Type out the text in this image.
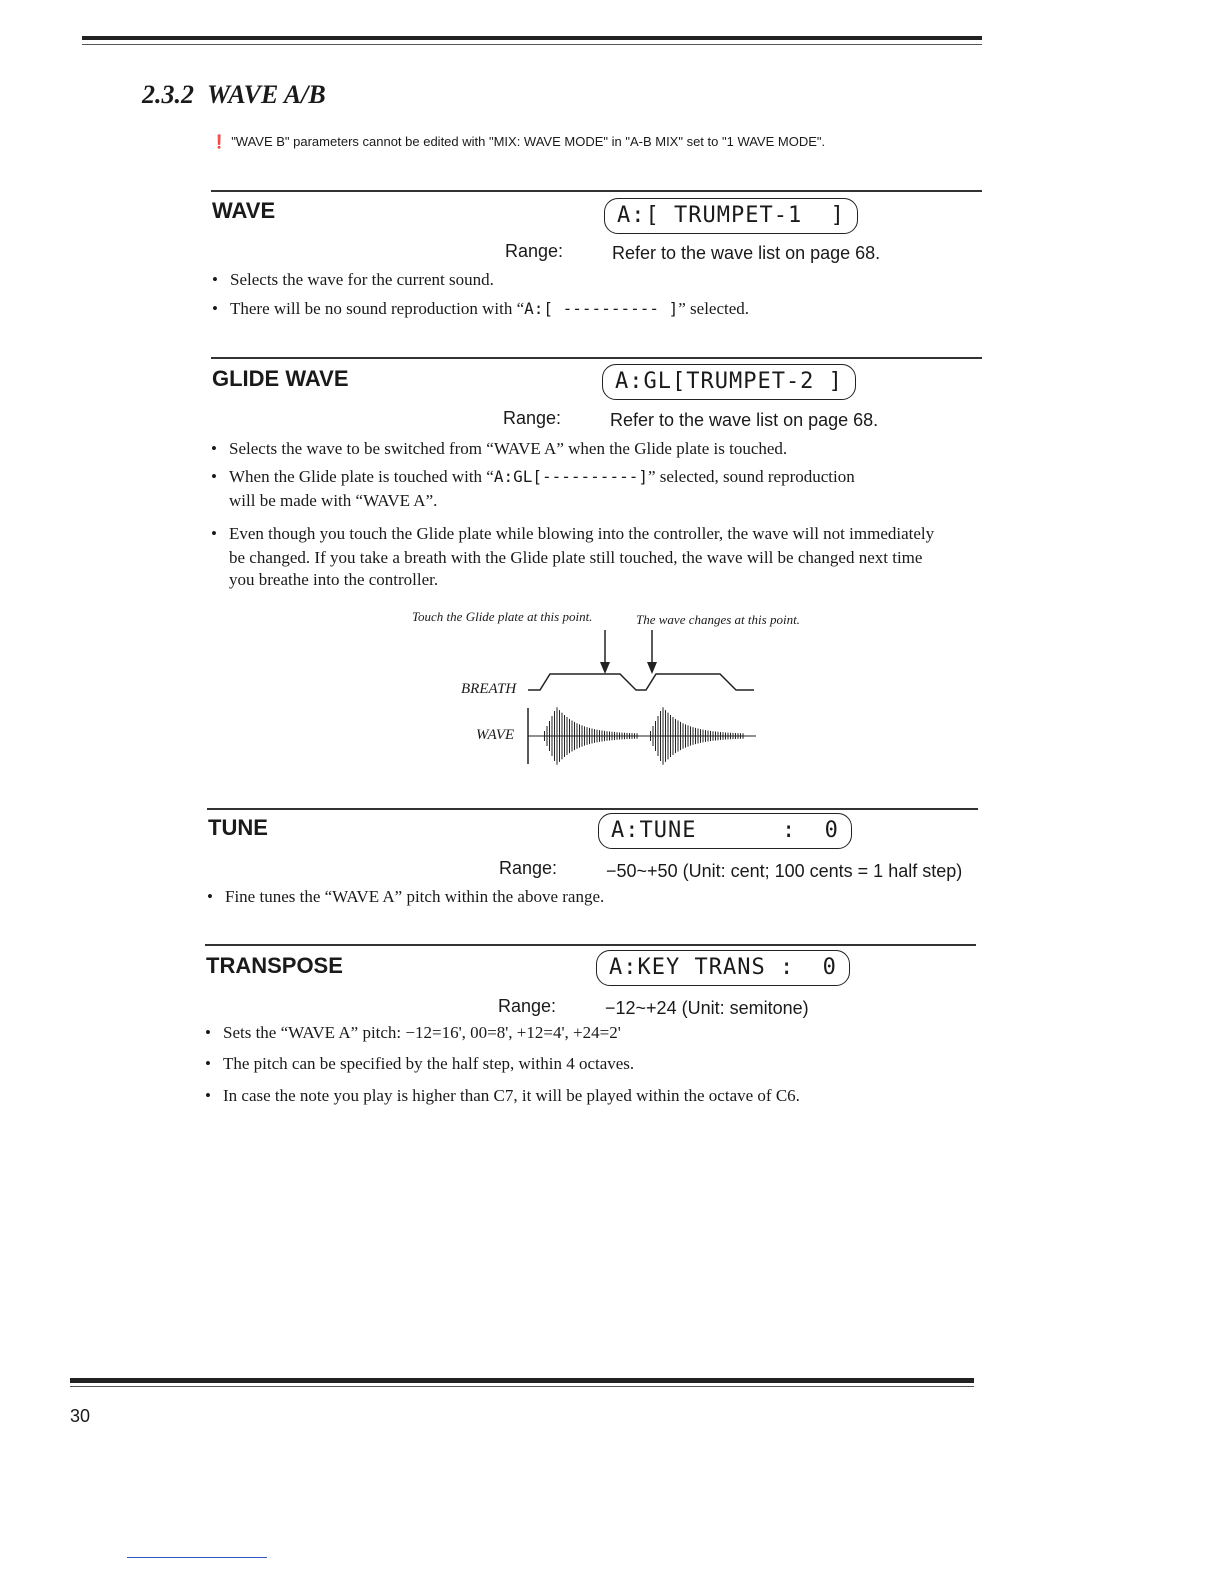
2.3.2 WAVE A/B
❗ "WAVE B" parameters cannot be edited with "MIX: WAVE MODE" in "A-B MIX" set to "1 WAVE MODE".
WAVE	A:[ TRUMPET-1  ]
Range:	Refer to the wave list on page 68.
• Selects the wave for the current sound.
• There will be no sound reproduction with “A:[ ---------- ]” selected.
GLIDE WAVE	A:GL[TRUMPET-2 ]
Range:	Refer to the wave list on page 68.
• Selects the wave to be switched from “WAVE A” when the Glide plate is touched.
• When the Glide plate is touched with “A:GL[----------]” selected, sound reproduction
will be made with “WAVE A”.
• Even though you touch the Glide plate while blowing into the controller, the wave will not immediately
be changed. If you take a breath with the Glide plate still touched, the wave will be changed next time
you breathe into the controller.
Touch the Glide plate at this point.	The wave changes at this point.
BREATH
WAVE
TUNE	A:TUNE      :  0
Range:	−50~+50 (Unit: cent; 100 cents = 1 half step)
• Fine tunes the “WAVE A” pitch within the above range.
TRANSPOSE	A:KEY TRANS :  0
Range:	−12~+24 (Unit: semitone)
• Sets the “WAVE A” pitch: −12=16', 00=8', +12=4', +24=2'
• The pitch can be specified by the half step, within 4 octaves.
• In case the note you play is higher than C7, it will be played within the octave of C6.
30
